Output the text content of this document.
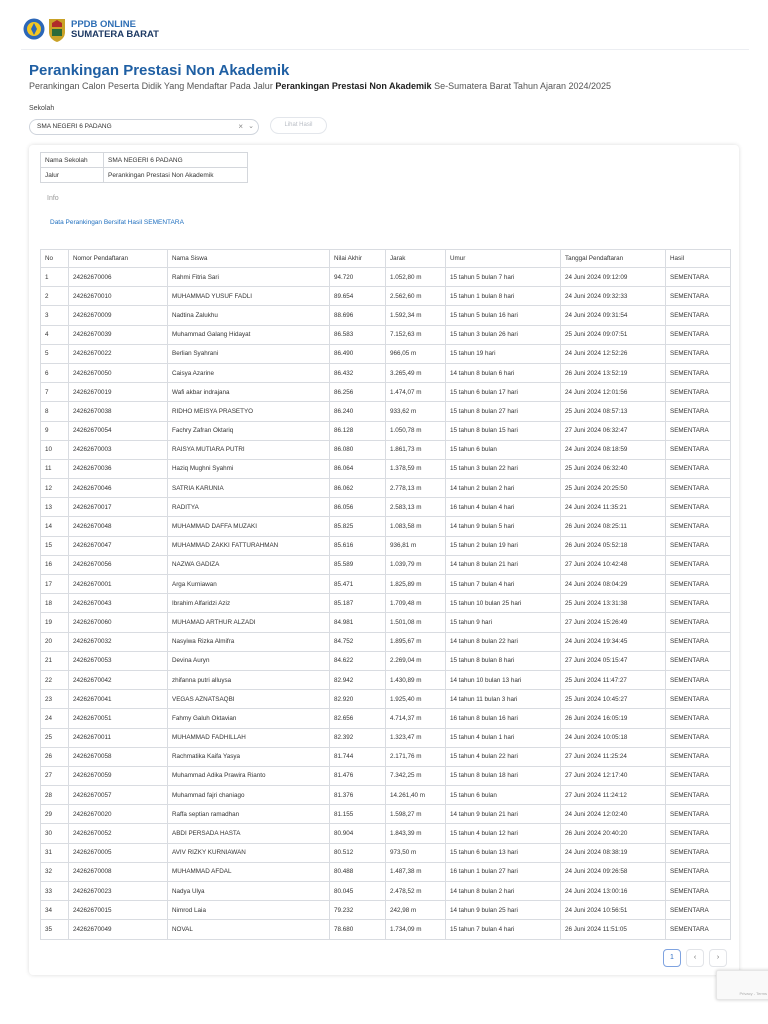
PPDB ONLINE
SUMATERA BARAT
Perankingan Prestasi Non Akademik

Perankingan Calon Peserta Didik Yang Mendaftar Pada Jalur Perankingan Prestasi Non Akademik Se-Sumatera Barat Tahun Ajaran 2024/2025

Sekolah
SMA NEGERI 6 PADANG	× ⌄	Lihat Hasil
Nama Sekolah	SMA NEGERI 6 PADANG
Jalur	Perankingan Prestasi Non Akademik
Info
Data Perankingan Bersifat Hasil SEMENTARA
No	Nomor Pendaftaran	Nama Siswa	Nilai Akhir	Jarak	Umur	Tanggal Pendaftaran	Hasil
1	24262670006	Rahmi Fitria Sari	94.720	1.052,80 m	15 tahun 5 bulan 7 hari	24 Juni 2024 09:12:09	SEMENTARA
2	24262670010	MUHAMMAD YUSUF FADLI	89.654	2.562,60 m	15 tahun 1 bulan 8 hari	24 Juni 2024 09:32:33	SEMENTARA
3	24262670009	Nadtina Zalukhu	88.696	1.592,34 m	15 tahun 5 bulan 16 hari	24 Juni 2024 09:31:54	SEMENTARA
4	24262670039	Muhammad Galang Hidayat	86.583	7.152,63 m	15 tahun 3 bulan 26 hari	25 Juni 2024 09:07:51	SEMENTARA
5	24262670022	Berlian Syahrani	86.490	966,05 m	15 tahun 19 hari	24 Juni 2024 12:52:26	SEMENTARA
6	24262670050	Caisya Azarine	86.432	3.265,49 m	14 tahun 8 bulan 6 hari	26 Juni 2024 13:52:19	SEMENTARA
7	24262670019	Wafi akbar indrajana	86.256	1.474,07 m	15 tahun 6 bulan 17 hari	24 Juni 2024 12:01:56	SEMENTARA
8	24262670038	RIDHO MEISYA PRASETYO	86.240	933,62 m	15 tahun 8 bulan 27 hari	25 Juni 2024 08:57:13	SEMENTARA
9	24262670054	Fachry Zafran Oktariq	86.128	1.050,78 m	15 tahun 8 bulan 15 hari	27 Juni 2024 06:32:47	SEMENTARA
10	24262670003	RAISYA MUTIARA PUTRI	86.080	1.861,73 m	15 tahun 6 bulan	24 Juni 2024 08:18:59	SEMENTARA
11	24262670036	Haziq Mughni Syahmi	86.064	1.378,59 m	15 tahun 3 bulan 22 hari	25 Juni 2024 06:32:40	SEMENTARA
12	24262670046	SATRIA KARUNIA	86.062	2.778,13 m	14 tahun 2 bulan 2 hari	25 Juni 2024 20:25:50	SEMENTARA
13	24262670017	RADITYA	86.056	2.583,13 m	16 tahun 4 bulan 4 hari	24 Juni 2024 11:35:21	SEMENTARA
14	24262670048	MUHAMMAD DAFFA MUZAKI	85.825	1.083,58 m	14 tahun 9 bulan 5 hari	26 Juni 2024 08:25:11	SEMENTARA
15	24262670047	MUHAMMAD ZAKKI FATTURAHMAN	85.616	936,81 m	15 tahun 2 bulan 19 hari	26 Juni 2024 05:52:18	SEMENTARA
16	24262670056	NAZWA GADIZA	85.589	1.039,79 m	14 tahun 8 bulan 21 hari	27 Juni 2024 10:42:48	SEMENTARA
17	24262670001	Arga Kurniawan	85.471	1.825,89 m	15 tahun 7 bulan 4 hari	24 Juni 2024 08:04:29	SEMENTARA
18	24262670043	Ibrahim Alfaridzi Aziz	85.187	1.709,48 m	15 tahun 10 bulan 25 hari	25 Juni 2024 13:31:38	SEMENTARA
19	24262670060	MUHAMAD ARTHUR ALZADI	84.981	1.501,08 m	15 tahun 9 hari	27 Juni 2024 15:26:49	SEMENTARA
20	24262670032	Nasyiwa Rizka Almifra	84.752	1.895,67 m	14 tahun 8 bulan 22 hari	24 Juni 2024 19:34:45	SEMENTARA
21	24262670053	Devina Auryn	84.622	2.269,04 m	15 tahun 8 bulan 8 hari	27 Juni 2024 05:15:47	SEMENTARA
22	24262670042	zhifanna putri alluysa	82.942	1.430,89 m	14 tahun 10 bulan 13 hari	25 Juni 2024 11:47:27	SEMENTARA
23	24262670041	VEGAS AZNATSAQBI	82.920	1.925,40 m	14 tahun 11 bulan 3 hari	25 Juni 2024 10:45:27	SEMENTARA
24	24262670051	Fahmy Galuh Oktavian	82.656	4.714,37 m	16 tahun 8 bulan 16 hari	26 Juni 2024 16:05:19	SEMENTARA
25	24262670011	MUHAMMAD FADHILLAH	82.392	1.323,47 m	15 tahun 4 bulan 1 hari	24 Juni 2024 10:05:18	SEMENTARA
26	24262670058	Rachmatika Kaifa Yasya	81.744	2.171,76 m	15 tahun 4 bulan 22 hari	27 Juni 2024 11:25:24	SEMENTARA
27	24262670059	Muhammad Adika Prawira Rianto	81.476	7.342,25 m	15 tahun 8 bulan 18 hari	27 Juni 2024 12:17:40	SEMENTARA
28	24262670057	Muhammad fajri chaniago	81.376	14.261,40 m	15 tahun 6 bulan	27 Juni 2024 11:24:12	SEMENTARA
29	24262670020	Raffa septian ramadhan	81.155	1.598,27 m	14 tahun 9 bulan 21 hari	24 Juni 2024 12:02:40	SEMENTARA
30	24262670052	ABDI PERSADA HASTA	80.904	1.843,39 m	15 tahun 4 bulan 12 hari	26 Juni 2024 20:40:20	SEMENTARA
31	24262670005	AVIV RIZKY KURNIAWAN	80.512	973,50 m	15 tahun 6 bulan 13 hari	24 Juni 2024 08:38:19	SEMENTARA
32	24262670008	MUHAMMAD AFDAL	80.488	1.487,38 m	16 tahun 1 bulan 27 hari	24 Juni 2024 09:26:58	SEMENTARA
33	24262670023	Nadya Ulya	80.045	2.478,52 m	14 tahun 8 bulan 2 hari	24 Juni 2024 13:00:16	SEMENTARA
34	24262670015	Nimrod Laia	79.232	242,98 m	14 tahun 9 bulan 25 hari	24 Juni 2024 10:56:51	SEMENTARA
35	24262670049	NOVAL	78.680	1.734,09 m	15 tahun 7 bulan 4 hari	26 Juni 2024 11:51:05	SEMENTARA
1	‹	›
Privacy - Terms
